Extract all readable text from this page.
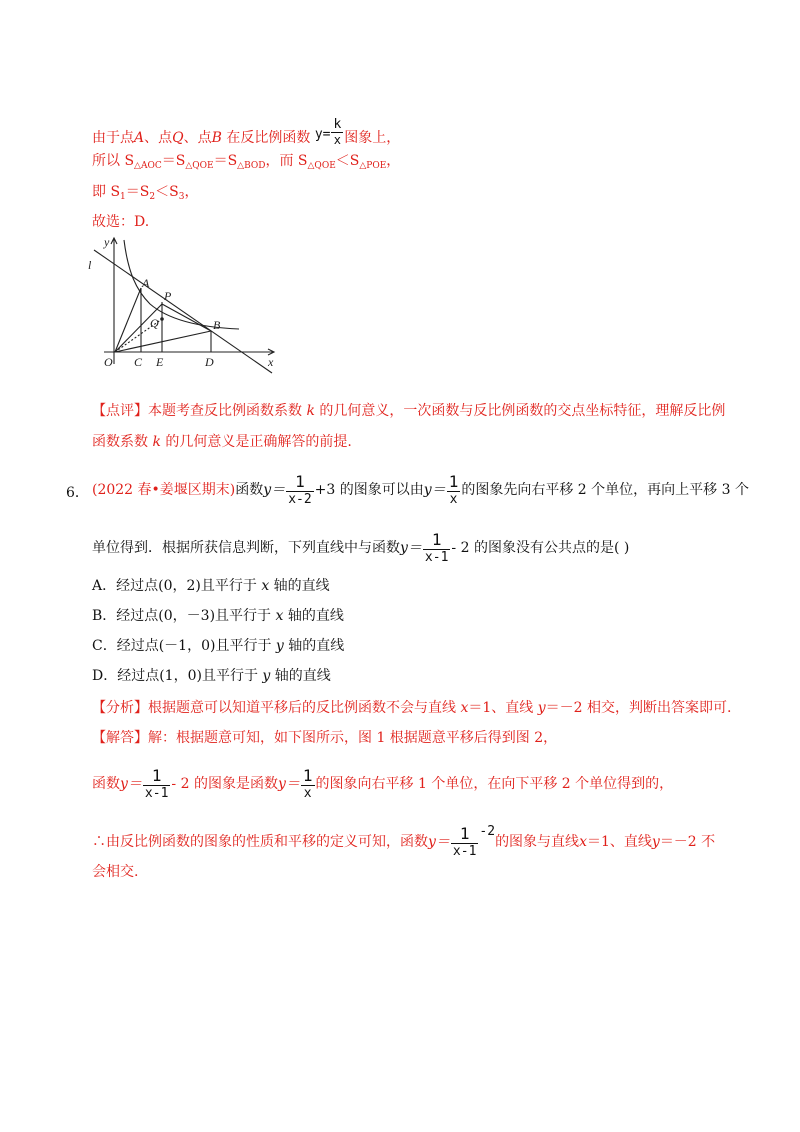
由于点A、点Q、点B 在反比例函数 $y= \frac{k}{x}$ 图象上，
所以 $S_{\triangle AOC}=S_{\triangle QOE}=S_{\triangle BOD}$，而 $S_{\triangle QOE}<S_{\triangle POE}$，
即 $S_1=S_2<S_3$，
故选：D.
y
l
A
P
Q	B
O C E	D	x
【点评】本题考查反比例函数系数 k 的几何意义，一次函数与反比例函数的交点坐标特征，理解反比例
函数系数 k 的几何意义是正确解答的前提.
6． (2022 春•姜堰区期末) 函数 $y= \frac{1}{x-2} +3$ 的图象可以由 $y= \frac{1}{x}$ 的图象先向右平移 2 个单位，再向上平移 3 个
单位得到．根据所获信息判断，下列直线中与函数 $y= \frac{1}{x-1} - 2$ 的图象没有公共点的是( )
A．经过点(0，2)且平行于 x 轴的直线
B．经过点(0，－3)且平行于 x 轴的直线
C．经过点(－1，0)且平行于 y 轴的直线
D．经过点(1，0)且平行于 y 轴的直线
【分析】根据题意可以知道平移后的反比例函数不会与直线 x＝1、直线 y＝－2 相交，判断出答案即可.
【解答】解：根据题意可知，如下图所示，图 1 根据题意平移后得到图 2，
函数 $y= \frac{1}{x-1} - 2$ 的图象是函数 $y= \frac{1}{x}$ 的图象向右平移 1 个单位，在向下平移 2 个单位得到的，
∴由反比例函数的图象的性质和平移的定义可知，函数 $y= \frac{1}{x-1} -2$
的图象与直线 x ＝1、直线 y ＝－2 不
会相交.
